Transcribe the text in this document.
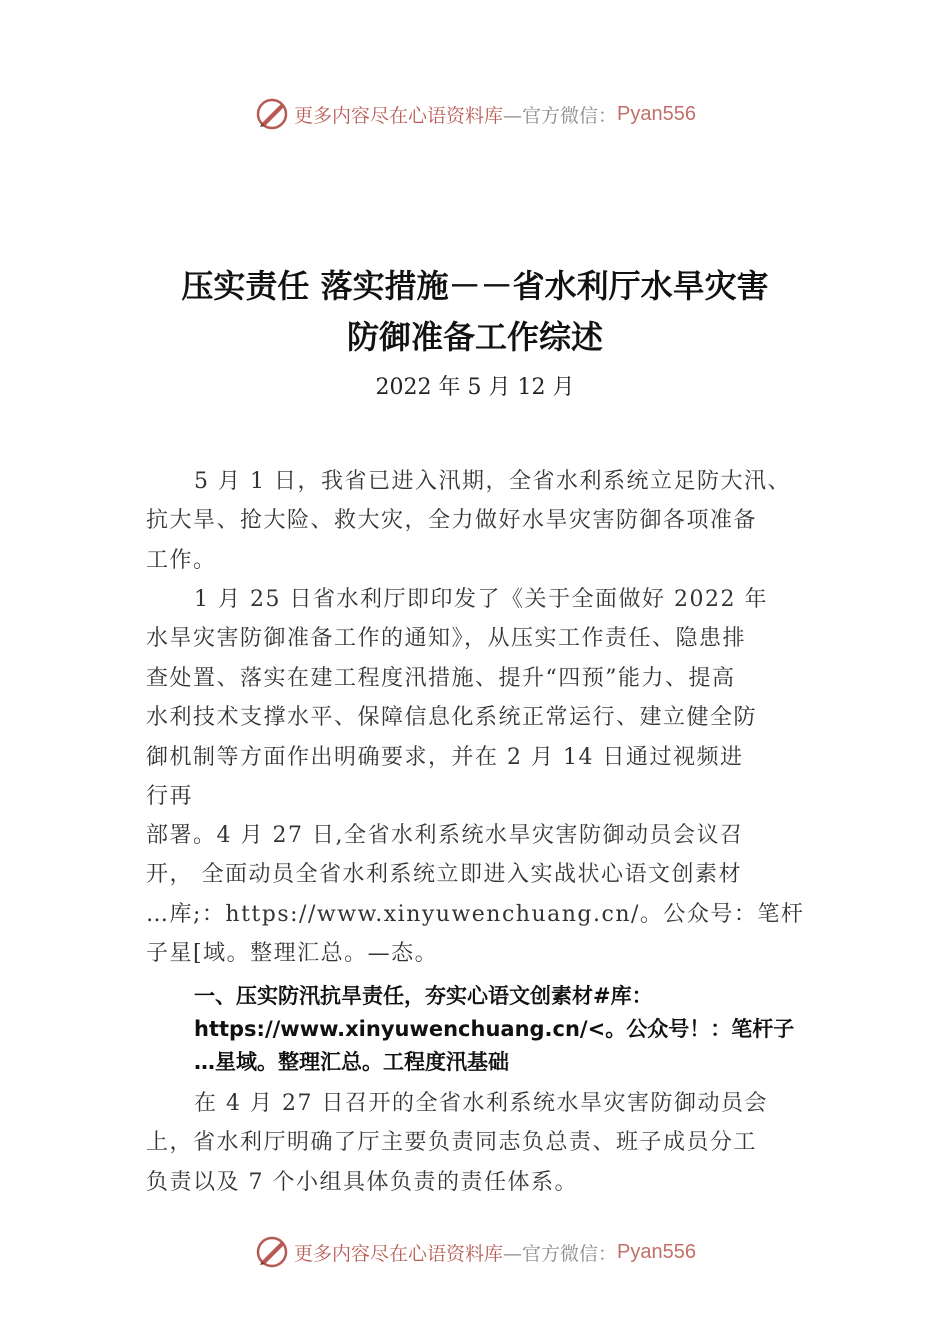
更多内容尽在心语资料库 —官方微信： Pyan556
压实责任 落实措施－－省水利厅水旱灾害
防御准备工作综述
2022 年 5 月 12 月
5 月 1 日，我省已进入汛期，全省水利系统立足防大汛、
抗大旱、抢大险、救大灾，全力做好水旱灾害防御各项准备
工作。
1 月 25 日省水利厅即印发了《关于全面做好 2022 年
水旱灾害防御准备工作的通知》，从压实工作责任、隐患排
查处置、落实在建工程度汛措施、提升“四预”能力、提高
水利技术支撑水平、保障信息化系统正常运行、建立健全防
御机制等方面作出明确要求，并在 2 月 14 日通过视频进
行再
部署。4 月 27 日,全省水利系统水旱灾害防御动员会议召
开， 全面动员全省水利系统立即进入实战状心语文创素材
…库;：https://www.xinyuwenchuang.cn/。公众号：笔杆
子星[域。整理汇总。—态。
一、压实防汛抗旱责任，夯实心语文创素材#库：
https://www.xinyuwenchuang.cn/<。公众号！：笔杆子
…星域。整理汇总。工程度汛基础
在 4 月 27 日召开的全省水利系统水旱灾害防御动员会
上，省水利厅明确了厅主要负责同志负总责、班子成员分工
负责以及 7 个小组具体负责的责任体系。
更多内容尽在心语资料库 —官方微信： Pyan556
